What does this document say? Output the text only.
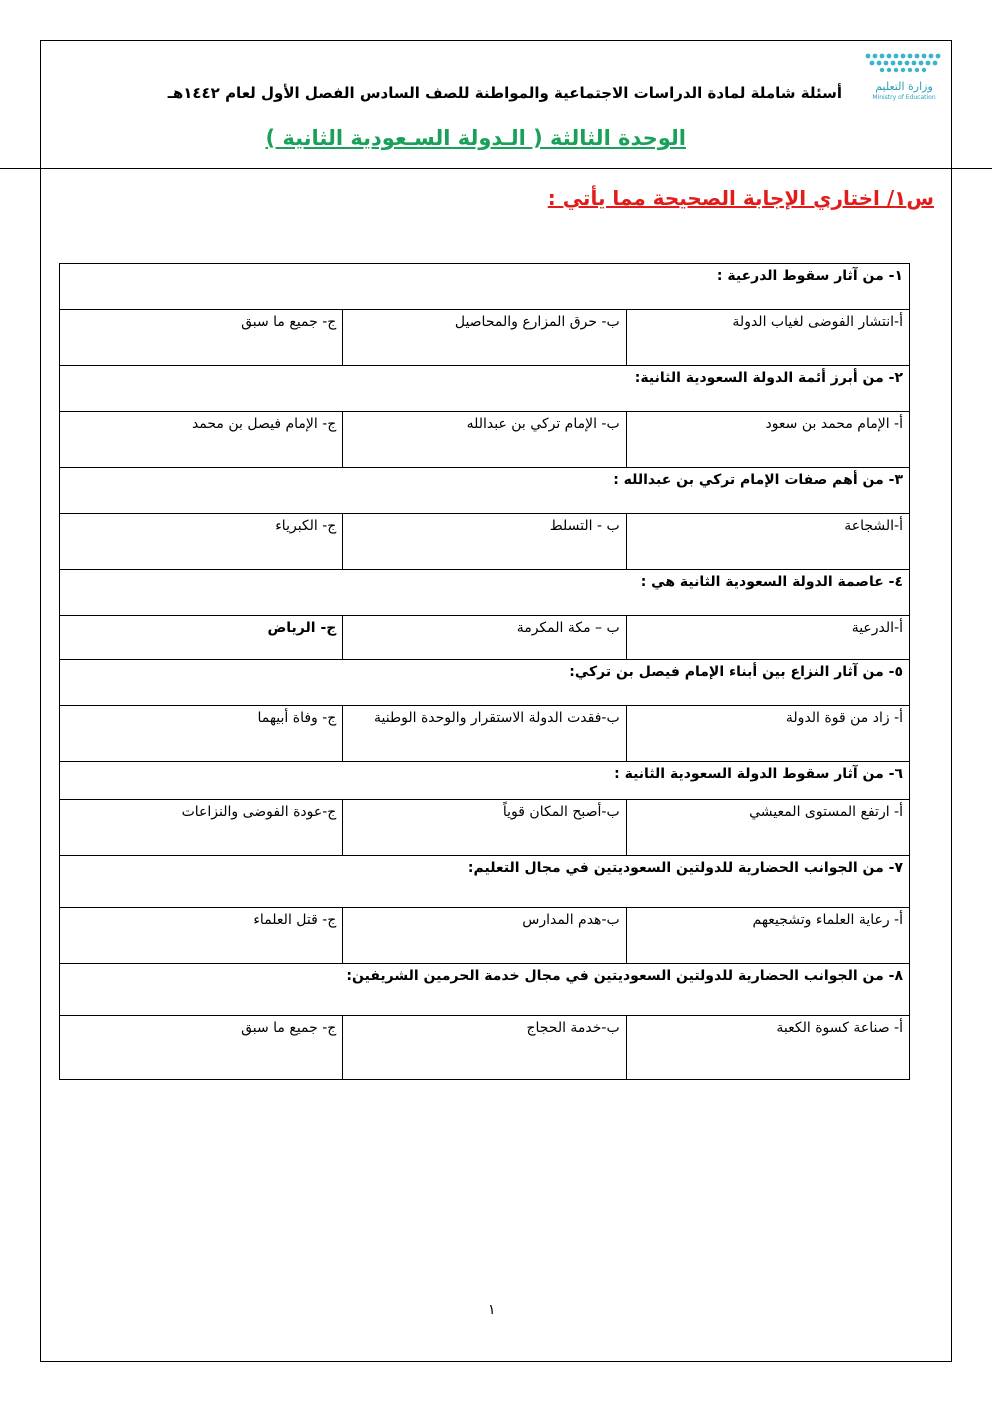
وزارة التعليم
Ministry of Education
أسئلة شاملة لمادة الدراسات الاجتماعية والمواطنة للصف السادس الفصل الأول لعام ١٤٤٢هـ
الوحدة الثالثة ( الـدولة السـعودية الثانية )
س١/ اختاري الإجابة الصحيحة مما يأتي :
١- من آثار سقوط الدرعية :		
أ-انتشار الفوضى لغياب الدولة	ب- حرق المزارع والمحاصيل	ج- جميع ما سبق
٢- من أبرز أئمة الدولة السعودية الثانية:		
أ- الإمام محمد بن سعود	ب- الإمام تركي بن عبدالله	ج- الإمام فيصل بن محمد
٣- من أهم صفات الإمام تركي بن عبدالله :		
أ-الشجاعة	ب - التسلط	ج- الكبرياء
٤- عاصمة الدولة السعودية الثانية هي :		
أ-الدرعية	ب – مكة المكرمة	ج- الرياض
٥- من آثار النزاع بين أبناء الإمام فيصل بن تركي:		
أ- زاد من قوة الدولة	ب-فقدت الدولة الاستقرار والوحدة الوطنية	ج- وفاة أبيهما
٦- من آثار سقوط الدولة السعودية الثانية :		
أ- ارتفع المستوى المعيشي	ب-أصبح المكان قوياً	ج-عودة الفوضى والنزاعات
٧- من الجوانب الحضارية للدولتين السعوديتين في مجال التعليم:		
أ- رعاية العلماء وتشجيعهم	ب-هدم المدارس	ج- قتل العلماء
٨- من الجوانب الحضارية للدولتين السعوديتين في مجال خدمة الحرمين الشريفين:		
أ- صناعة كسوة الكعبة	ب-خدمة الحجاج	ج- جميع ما سبق
١
